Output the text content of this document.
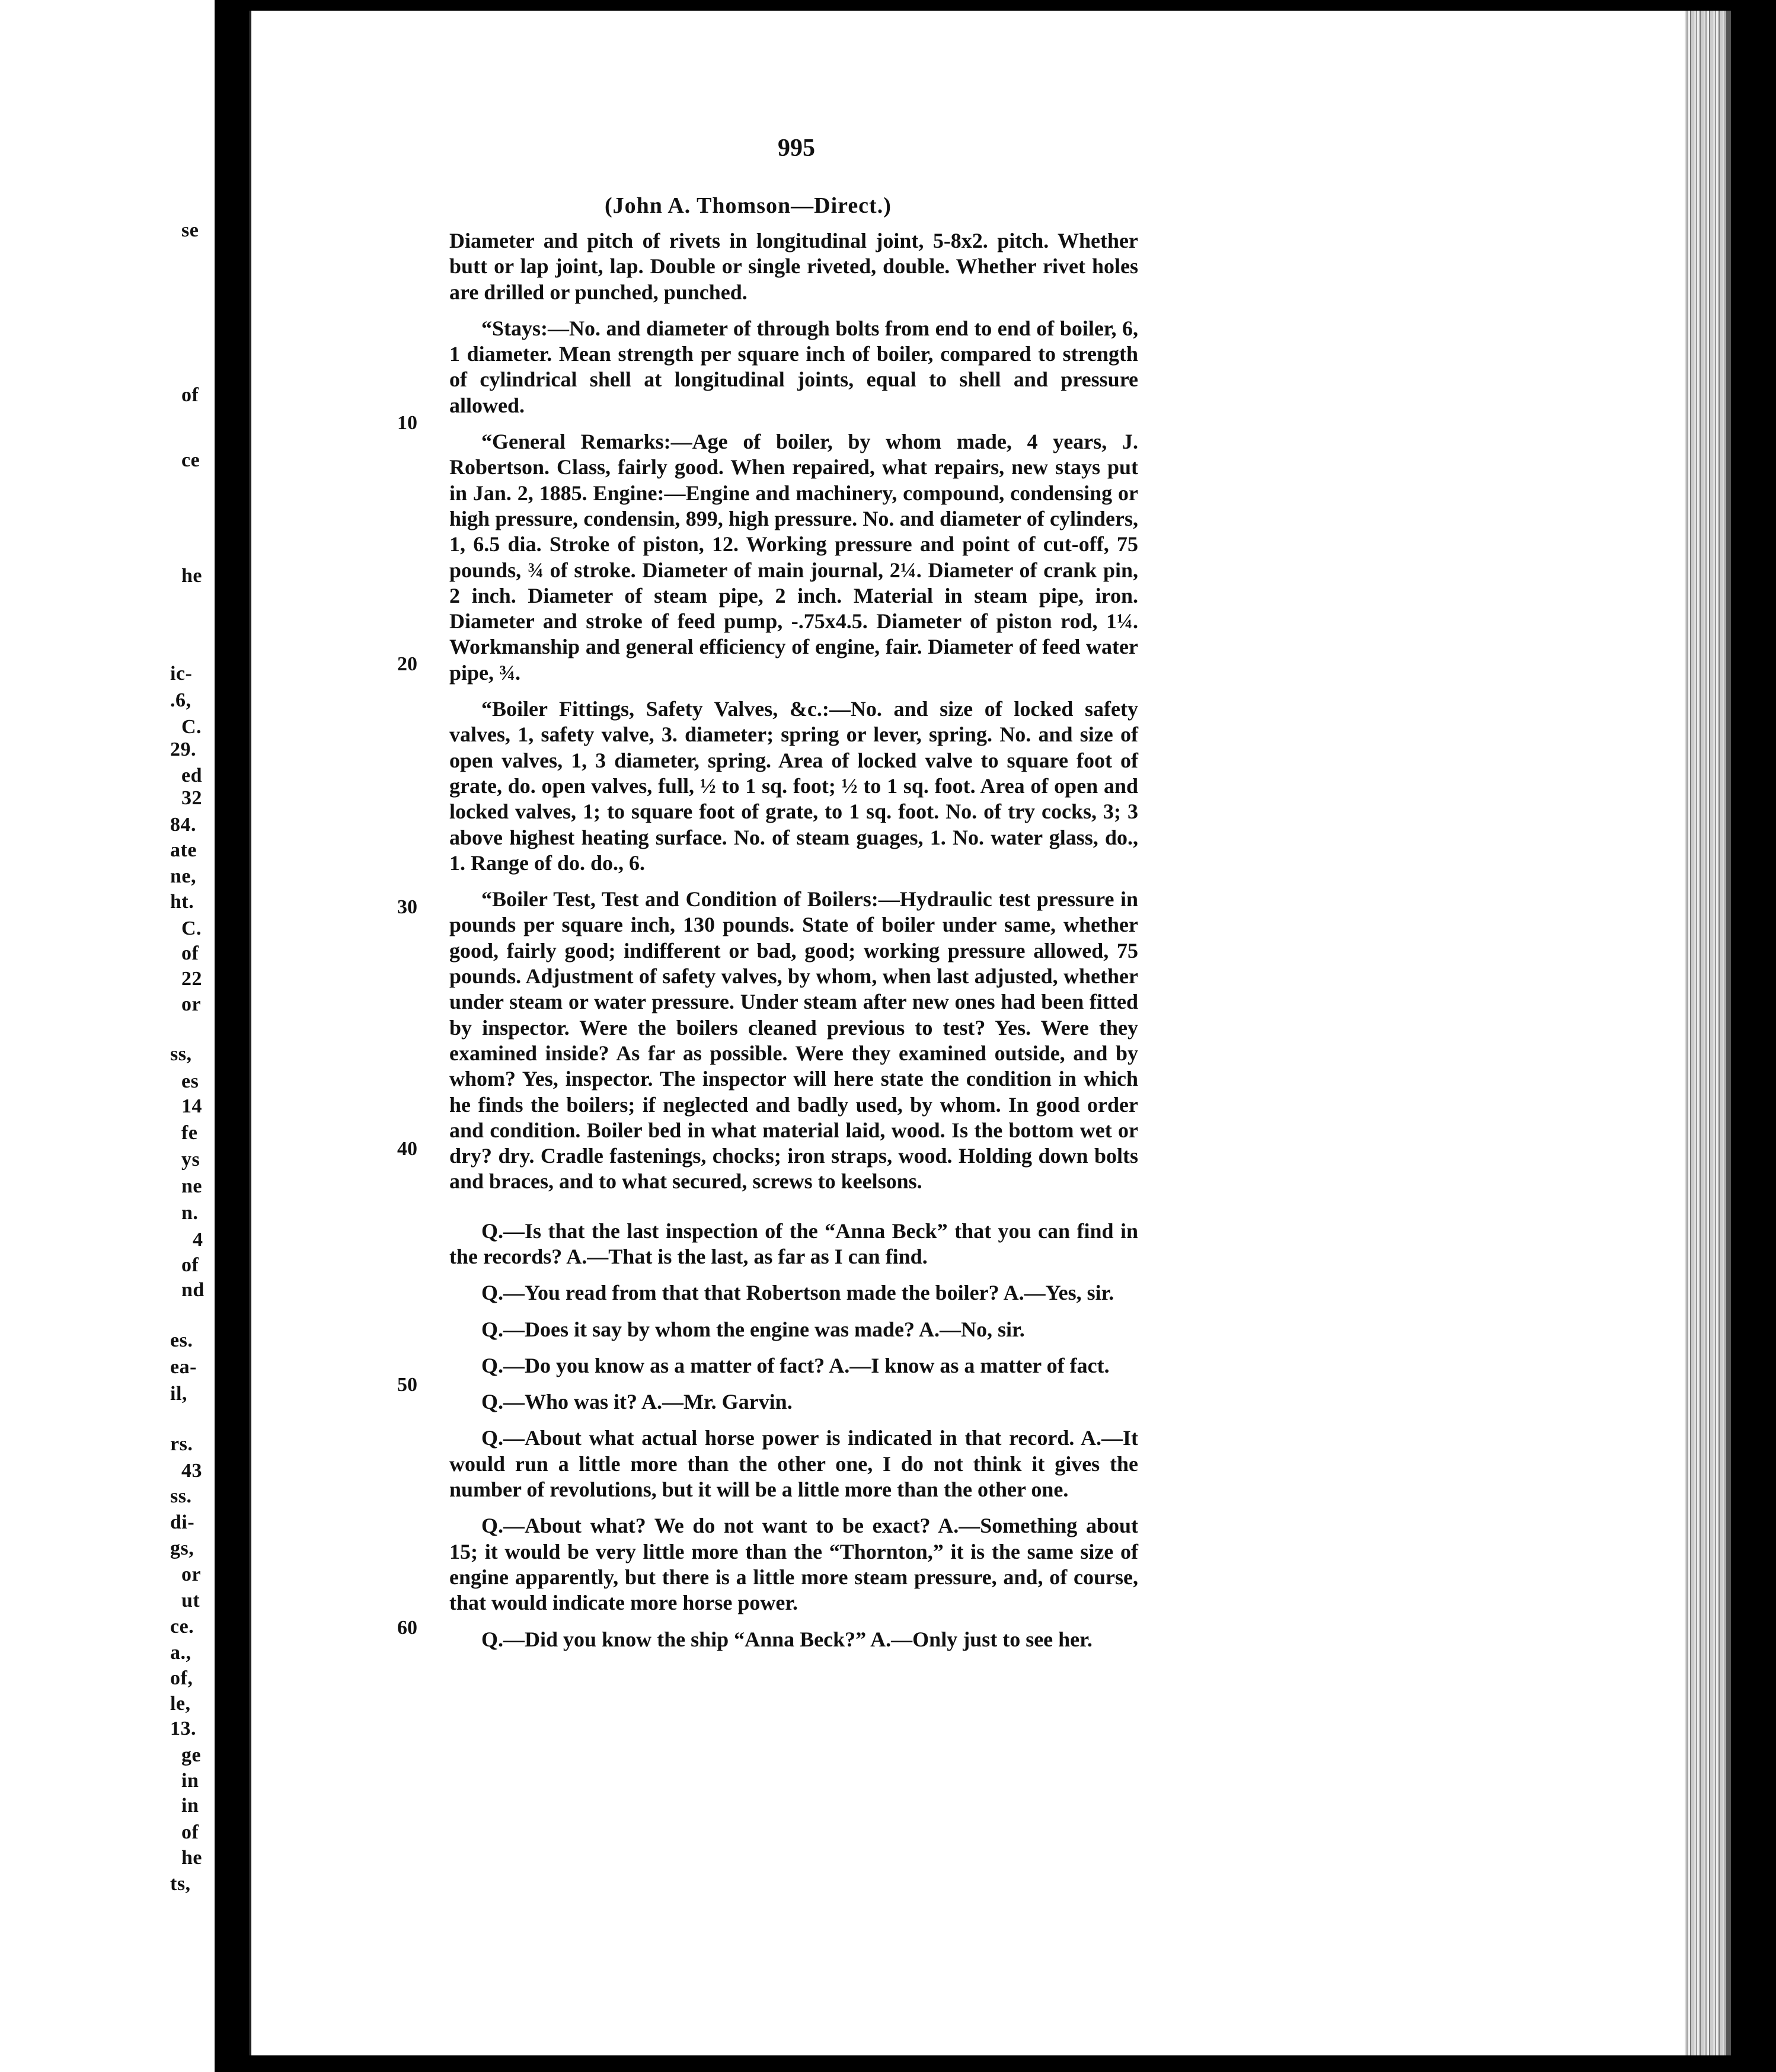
se
of
ce
he
ic-
.6,
C.
29.
ed
32
84.
ate
ne,
ht.
C.
of
22
or
ss,
es
14
fe
ys
ne
n.
4
of
nd
es.
ea-
il,
rs.
43
ss.
di-
gs,
or
ut
ce.
a.,
of,
le,
13.
ge
in
in
of
he
ts,
995
(John A. Thomson—Direct.)

Diameter and pitch of rivets in longitudinal joint, 5-8x2. pitch. Whether butt or lap joint, lap. Double or single riveted, double. Whether rivet holes are drilled or punched, punched.

“Stays:—No. and diameter of through bolts from end to end of boiler, 6, 1 diameter. Mean strength per square inch of boiler, compared to strength of cylindrical shell at longitudinal joints, equal to shell and pressure allowed.

“General Remarks:—Age of boiler, by whom made, 4 years, J. Robertson. Class, fairly good. When repaired, what repairs, new stays put in Jan. 2, 1885. Engine:—Engine and machinery, compound, condensing or high pressure, condensin, 899, high pressure. No. and diameter of cylinders, 1, 6.5 dia. Stroke of piston, 12. Working pressure and point of cut-off, 75 pounds, ¾ of stroke. Diameter of main journal, 2¼. Diameter of crank pin, 2 inch. Diameter of steam pipe, 2 inch. Material in steam pipe, iron. Diameter and stroke of feed pump, -.75x4.5. Diameter of piston rod, 1¼. Workmanship and general efficiency of engine, fair. Diameter of feed water pipe, ¾.

“Boiler Fittings, Safety Valves, &c.:—No. and size of locked safety valves, 1, safety valve, 3. diameter; spring or lever, spring. No. and size of open valves, 1, 3 diameter, spring. Area of locked valve to square foot of grate, do. open valves, full, ½ to 1 sq. foot; ½ to 1 sq. foot. Area of open and locked valves, 1; to square foot of grate, to 1 sq. foot. No. of try cocks, 3; 3 above highest heating surface. No. of steam guages, 1. No. water glass, do., 1. Range of do. do., 6.

“Boiler Test, Test and Condition of Boilers:—Hydraulic test pressure in pounds per square inch, 130 pounds. State of boiler under same, whether good, fairly good; indifferent or bad, good; working pressure allowed, 75 pounds. Adjustment of safety valves, by whom, when last adjusted, whether under steam or water pressure. Under steam after new ones had been fitted by inspector. Were the boilers cleaned previous to test? Yes. Were they examined inside? As far as possible. Were they examined outside, and by whom? Yes, inspector. The inspector will here state the condition in which he finds the boilers; if neglected and badly used, by whom. In good order and condition. Boiler bed in what material laid, wood. Is the bottom wet or dry? dry. Cradle fastenings, chocks; iron straps, wood. Holding down bolts and braces, and to what secured, screws to keelsons.

Q.—Is that the last inspection of the “Anna Beck” that you can find in the records? A.—That is the last, as far as I can find.

Q.—You read from that that Robertson made the boiler? A.—Yes, sir.

Q.—Does it say by whom the engine was made? A.—No, sir.

Q.—Do you know as a matter of fact? A.—I know as a matter of fact.

Q.—Who was it? A.—Mr. Garvin.

Q.—About what actual horse power is indicated in that record. A.—It would run a little more than the other one, I do not think it gives the number of revolutions, but it will be a little more than the other one.

Q.—About what? We do not want to be exact? A.—Something about 15; it would be very little more than the “Thornton,” it is the same size of engine apparently, but there is a little more steam pressure, and, of course, that would indicate more horse power.

Q.—Did you know the ship “Anna Beck?” A.—Only just to see her.

10
20
30
40
50
60
